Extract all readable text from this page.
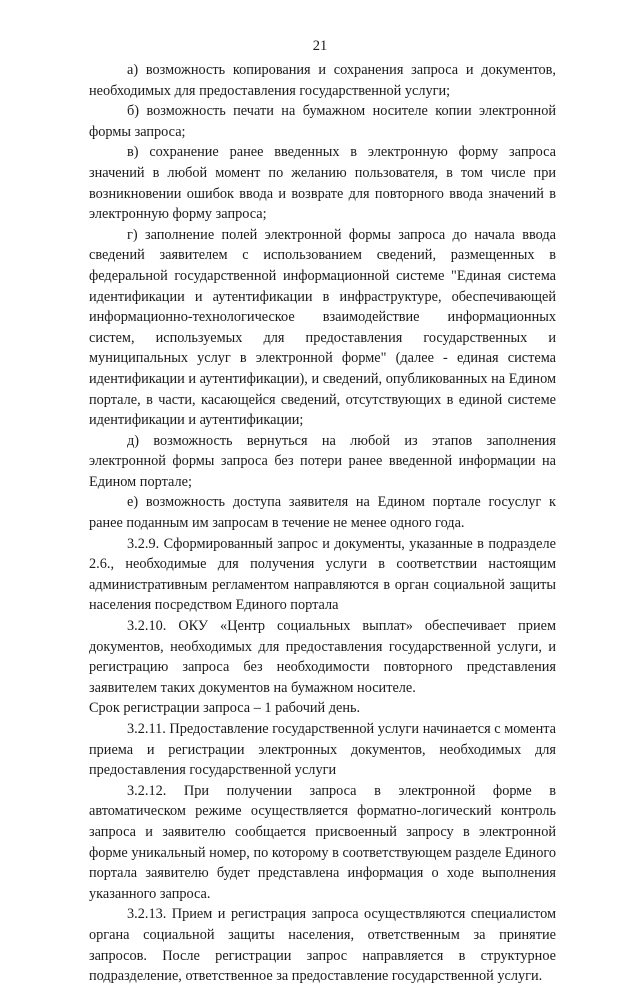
21

а) возможность копирования и сохранения запроса и документов, необходимых для предоставления государственной услуги;

б) возможность печати на бумажном носителе копии электронной формы запроса;

в) сохранение ранее введенных в электронную форму запроса значений в любой момент по желанию пользователя, в том числе при возникновении ошибок ввода и возврате для повторного ввода значений в электронную форму запроса;

г) заполнение полей электронной формы запроса до начала ввода сведений заявителем с использованием сведений, размещенных в федеральной государственной информационной системе "Единая система идентификации и аутентификации в инфраструктуре, обеспечивающей информационно-технологическое взаимодействие информационных систем, используемых для предоставления государственных и муниципальных услуг в электронной форме" (далее - единая система идентификации и аутентификации), и сведений, опубликованных на Едином портале, в части, касающейся сведений, отсутствующих в единой системе идентификации и аутентификации;

д) возможность вернуться на любой из этапов заполнения электронной формы запроса без потери ранее введенной информации на Едином портале;

е) возможность доступа заявителя на Едином портале госуслуг к ранее поданным им запросам в течение не менее одного года.

3.2.9. Сформированный запрос и документы, указанные в подразделе 2.6., необходимые для получения услуги в соответствии настоящим административным регламентом направляются в орган социальной защиты населения посредством Единого портала

3.2.10. ОКУ «Центр социальных выплат» обеспечивает прием документов, необходимых для предоставления государственной услуги, и регистрацию запроса без необходимости повторного представления заявителем таких документов на бумажном носителе.

Срок регистрации запроса – 1 рабочий день.

3.2.11. Предоставление государственной услуги начинается с момента приема и регистрации электронных документов, необходимых для предоставления государственной услуги

3.2.12. При получении запроса в электронной форме в автоматическом режиме осуществляется форматно-логический контроль запроса и заявителю сообщается присвоенный запросу в электронной форме уникальный номер, по которому в соответствующем разделе Единого портала заявителю будет представлена информация о ходе выполнения указанного запроса.

3.2.13. Прием и регистрация запроса осуществляются специалистом органа социальной защиты населения, ответственным за принятие запросов. После регистрации запрос направляется в структурное подразделение, ответственное за предоставление государственной услуги.
